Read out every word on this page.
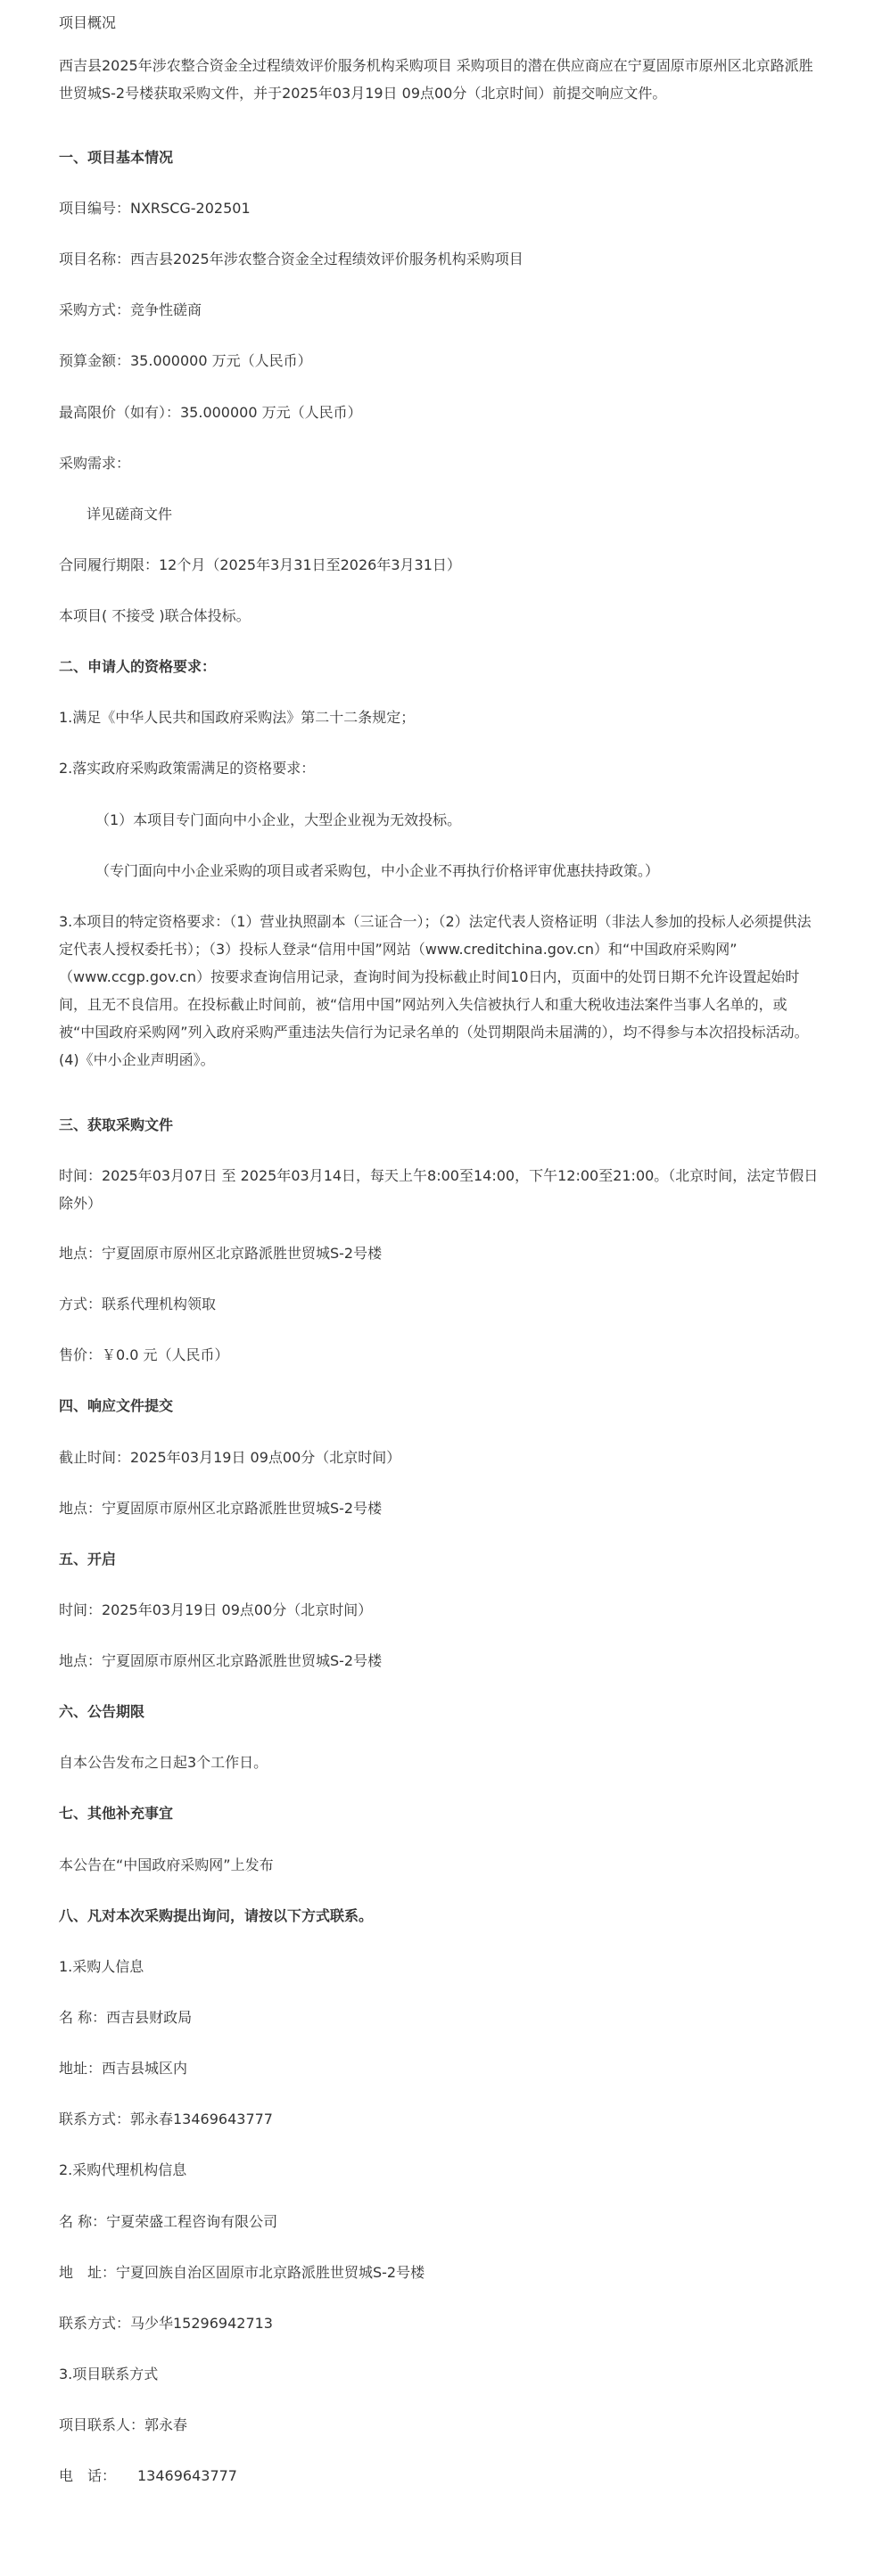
项目概况
西吉县2025年涉农整合资金全过程绩效评价服务机构采购项目 采购项目的潜在供应商应在宁夏固原市原州区北京路派胜世贸城S-2号楼获取采购文件，并于2025年03月19日 09点00分（北京时间）前提交响应文件。
一、项目基本情况
项目编号：NXRSCG-202501
项目名称：西吉县2025年涉农整合资金全过程绩效评价服务机构采购项目
采购方式：竞争性磋商
预算金额：35.000000 万元（人民币）
最高限价（如有）：35.000000 万元（人民币）
采购需求：
详见磋商文件
合同履行期限：12个月（2025年3月31日至2026年3月31日）
本项目( 不接受 )联合体投标。
二、申请人的资格要求：
1.满足《中华人民共和国政府采购法》第二十二条规定；
2.落实政府采购政策需满足的资格要求：
（1）本项目专门面向中小企业，大型企业视为无效投标。
（专门面向中小企业采购的项目或者采购包，中小企业不再执行价格评审优惠扶持政策。）
3.本项目的特定资格要求：（1）营业执照副本（三证合一）；（2）法定代表人资格证明（非法人参加的投标人必须提供法定代表人授权委托书）；（3）投标人登录“信用中国”网站（www.creditchina.gov.cn）和“中国政府采购网” （www.ccgp.gov.cn）按要求查询信用记录，查询时间为投标截止时间10日内，页面中的处罚日期不允许设置起始时间，且无不良信用。在投标截止时间前，被“信用中国”网站列入失信被执行人和重大税收违法案件当事人名单的，或被“中国政府采购网”列入政府采购严重违法失信行为记录名单的（处罚期限尚未届满的），均不得参与本次招投标活动。(4)《中小企业声明函》。
三、获取采购文件
时间：2025年03月07日 至 2025年03月14日，每天上午8:00至14:00，下午12:00至21:00。（北京时间，法定节假日除外）
地点：宁夏固原市原州区北京路派胜世贸城S-2号楼
方式：联系代理机构领取
售价：￥0.0 元（人民币）
四、响应文件提交
截止时间：2025年03月19日 09点00分（北京时间）
地点：宁夏固原市原州区北京路派胜世贸城S-2号楼
五、开启
时间：2025年03月19日 09点00分（北京时间）
地点：宁夏固原市原州区北京路派胜世贸城S-2号楼
六、公告期限
自本公告发布之日起3个工作日。
七、其他补充事宜
本公告在“中国政府采购网”上发布
八、凡对本次采购提出询问，请按以下方式联系。
1.采购人信息
名 称：西吉县财政局
地址：西吉县城区内
联系方式：郭永春13469643777
2.采购代理机构信息
名 称：宁夏荣盛工程咨询有限公司
地　址：宁夏回族自治区固原市北京路派胜世贸城S-2号楼
联系方式：马少华15296942713
3.项目联系方式
项目联系人：郭永春
电　话：　　13469643777
